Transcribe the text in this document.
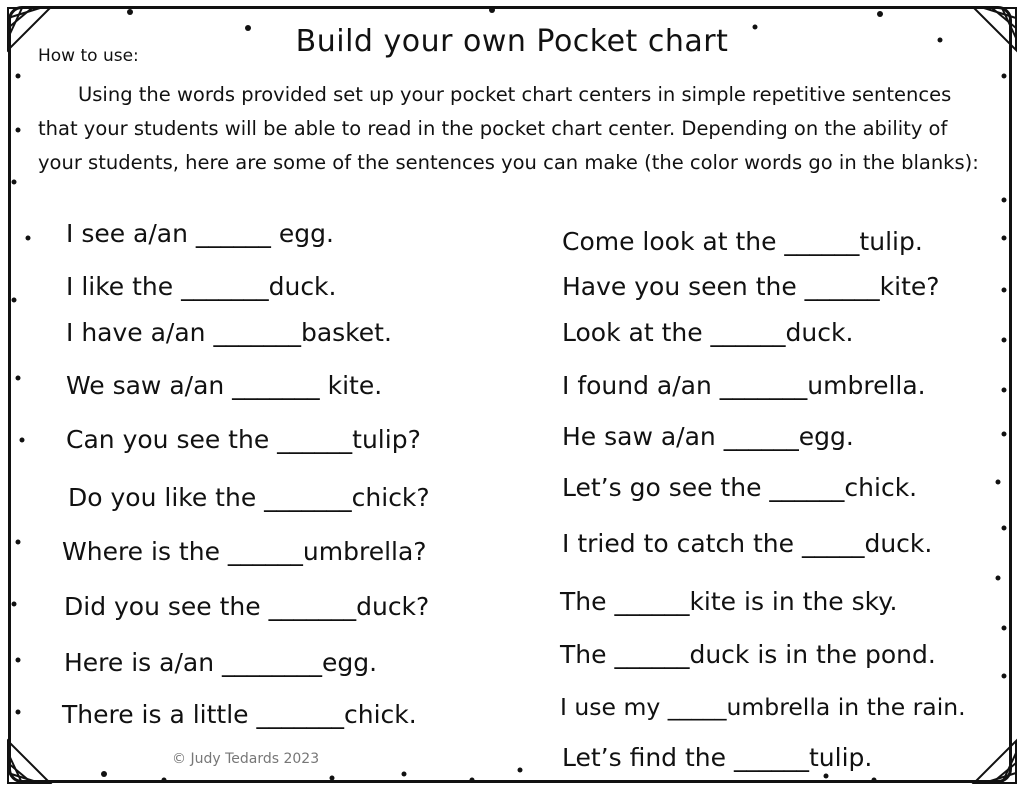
How to use:	Build your own Pocket chart

Using the words provided set up your pocket chart centers in simple repetitive sentences that your students will be able to read in the pocket chart center. Depending on the ability of your students, here are some of the sentences you can make (the color words go in the blanks):

I see a/an ______ egg.
I like the _______duck.
I have a/an _______basket.
We saw a/an _______ kite.
Can you see the ______tulip?
Do you like the _______chick?
Where is the ______umbrella?
Did you see the _______duck?
Here is a/an ________egg.
There is a little _______chick.
Come look at the ______tulip.
Have you seen the ______kite?
Look at the ______duck.
I found a/an _______umbrella.
He saw a/an ______egg.
Let’s go see the ______chick.
I tried to catch the _____duck.
The ______kite is in the sky.
The ______duck is in the pond.
I use my _____umbrella in the rain.
Let’s find the ______tulip.
© Judy Tedards 2023
